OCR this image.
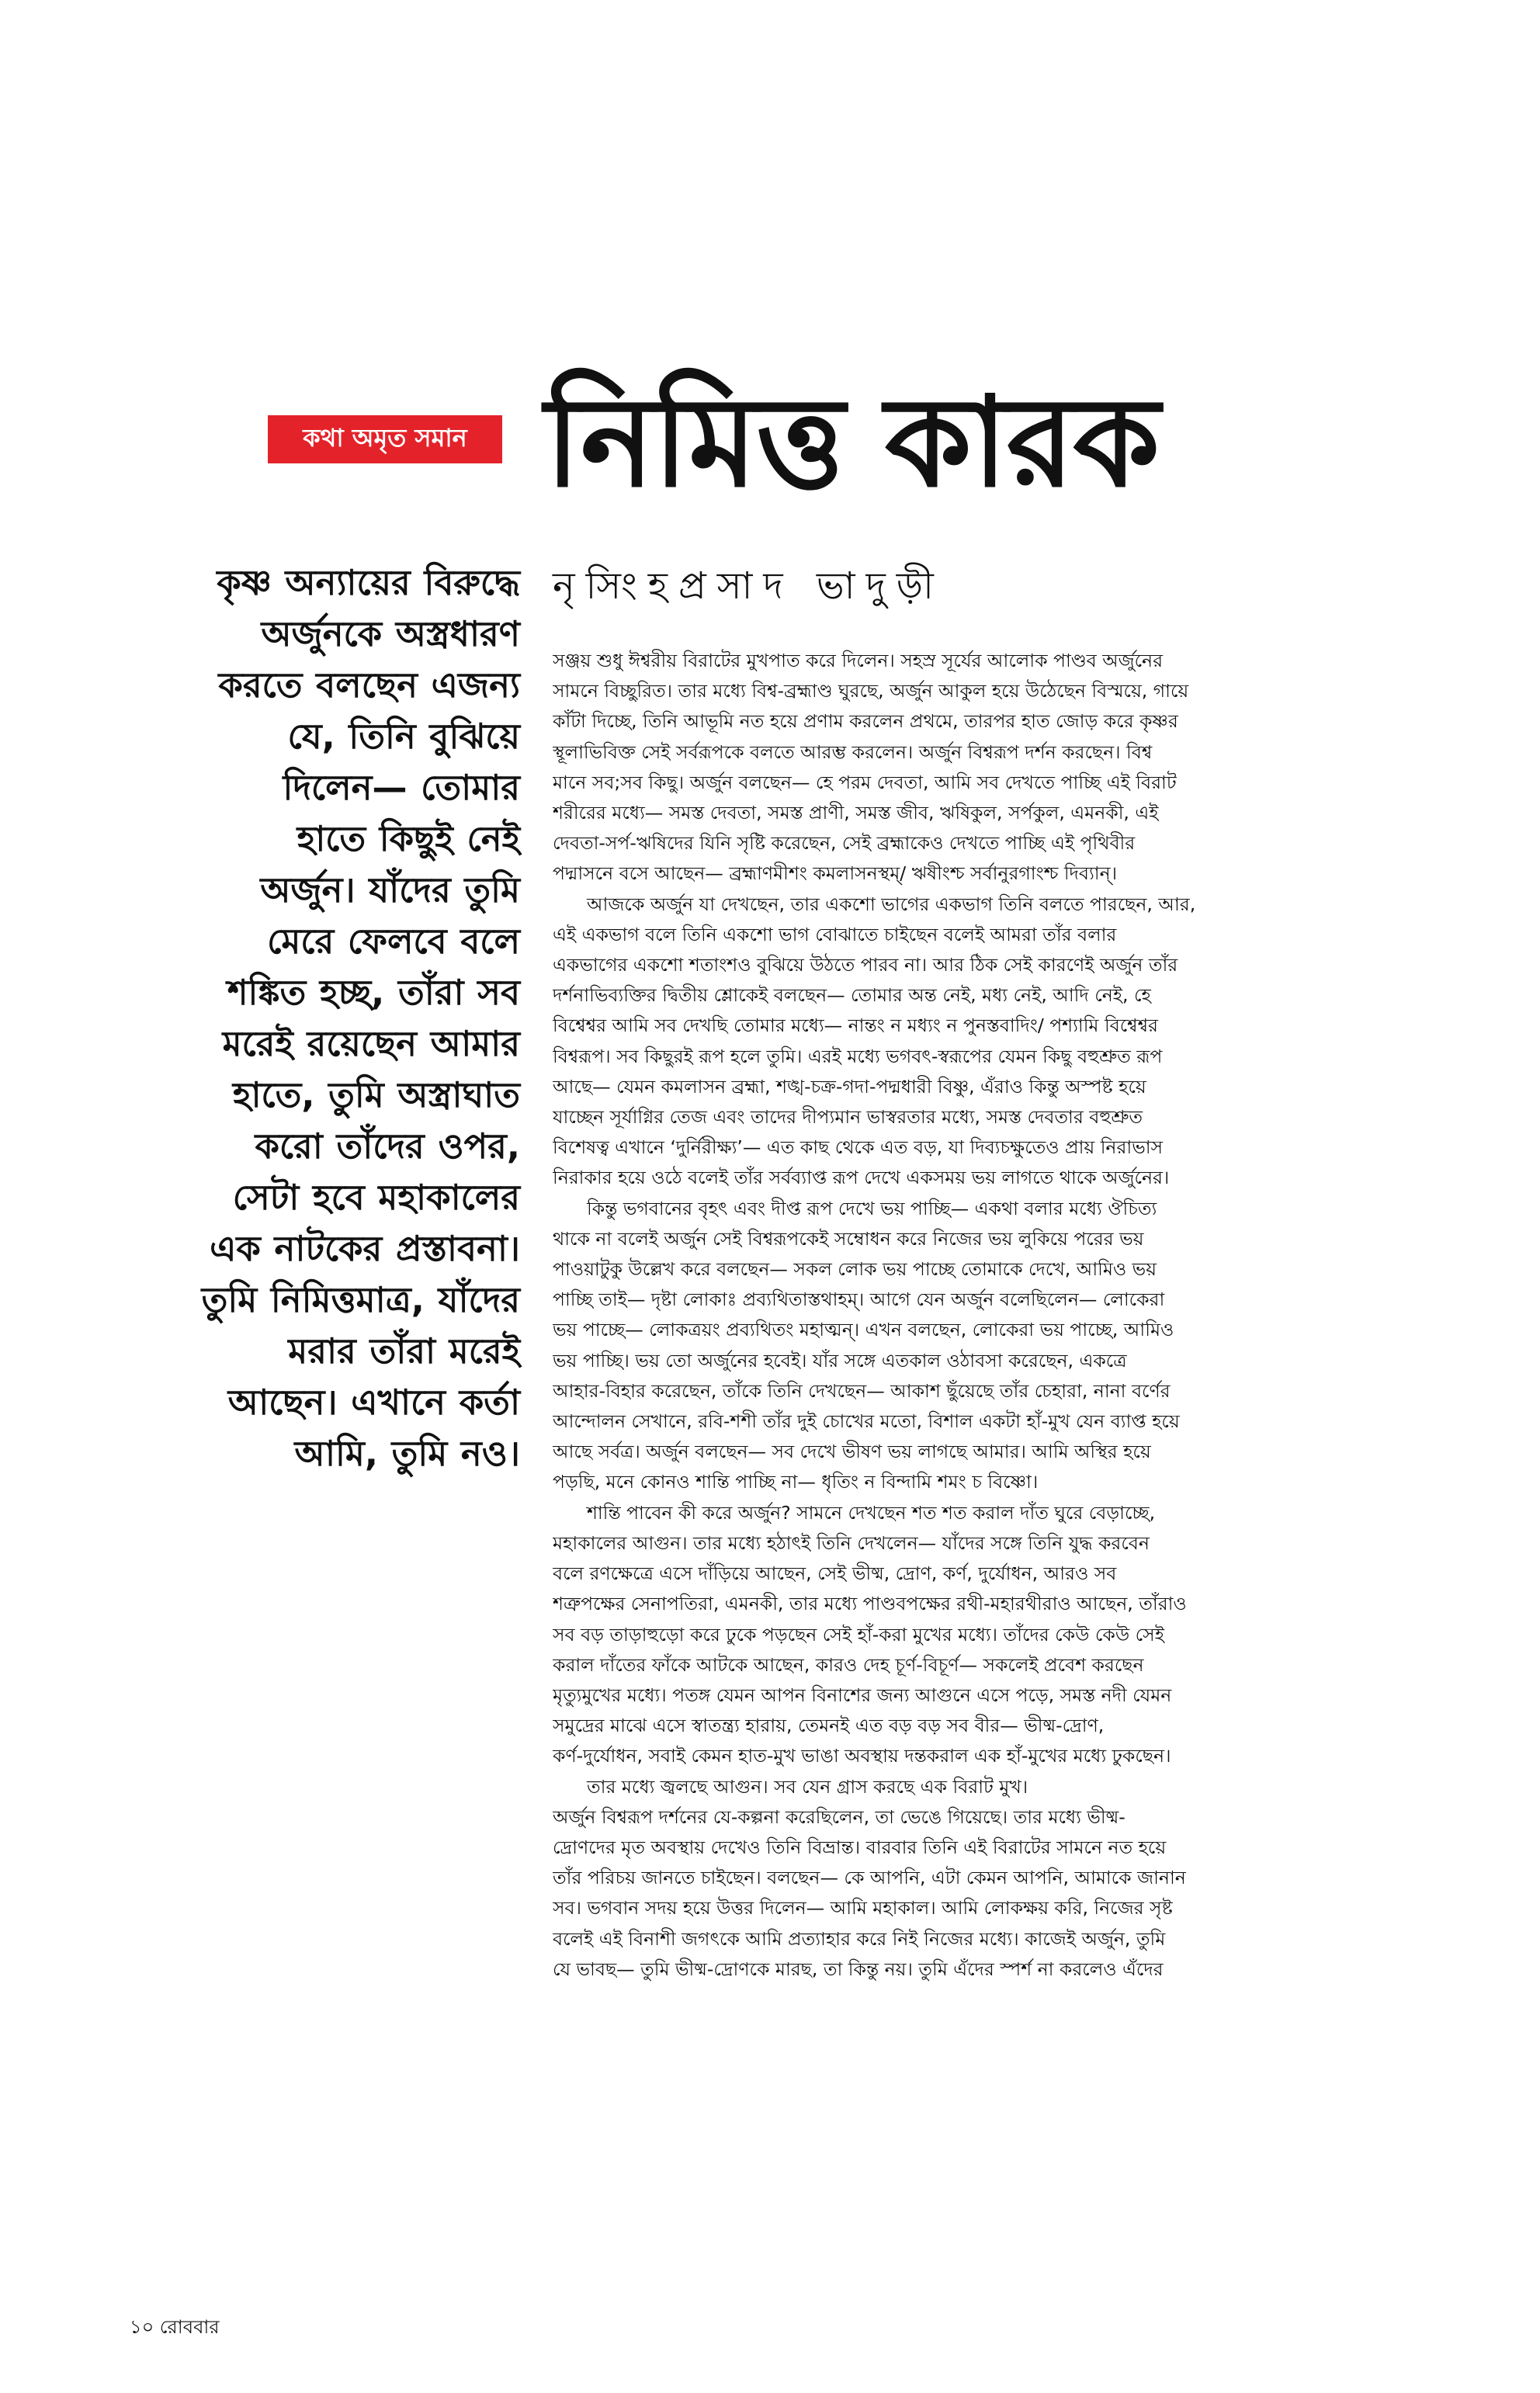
কথা অমৃত সমান নিমিত্ত কারক
নৃসিংহপ্রসাদ ভাদুড়ী
কৃষ্ণ অন্যায়ের বিরুদ্ধে
অর্জুনকে অস্ত্রধারণ
করতে বলছেন এজন্য
যে, তিনি বুঝিয়ে
দিলেন— তোমার
হাতে কিছুই নেই
অর্জুন। যাঁদের তুমি
মেরে ফেলবে বলে
শঙ্কিত হচ্ছ, তাঁরা সব
মরেই রয়েছেন আমার
হাতে, তুমি অস্ত্রাঘাত
করো তাঁদের ওপর,
সেটা হবে মহাকালের
এক নাটকের প্রস্তাবনা।
তুমি নিমিত্তমাত্র, যাঁদের
মরার তাঁরা মরেই
আছেন। এখানে কর্তা
আমি, তুমি নও।
সঞ্জয় শুধু ঈশ্বরীয় বিরাটের মুখপাত করে দিলেন। সহস্র সূর্যের আলোক পাণ্ডব অর্জুনের
সামনে বিচ্ছুরিত। তার মধ্যে বিশ্ব-ব্রহ্মাণ্ড ঘুরছে, অর্জুন আকুল হয়ে উঠেছেন বিস্ময়ে, গায়ে
কাঁটা দিচ্ছে, তিনি আভূমি নত হয়ে প্রণাম করলেন প্রথমে, তারপর হাত জোড় করে কৃষ্ণর
স্থূলাভিবিক্ত সেই সর্বরূপকে বলতে আরম্ভ করলেন। অর্জুন বিশ্বরূপ দর্শন করছেন। বিশ্ব
মানে সব;সব কিছু। অর্জুন বলছেন— হে পরম দেবতা, আমি সব দেখতে পাচ্ছি এই বিরাট
শরীরের মধ্যে— সমস্ত দেবতা, সমস্ত প্রাণী, সমস্ত জীব, ঋষিকুল, সর্পকুল, এমনকী, এই
দেবতা-সর্প-ঋষিদের যিনি সৃষ্টি করেছেন, সেই ব্রহ্মাকেও দেখতে পাচ্ছি এই পৃথিবীর
পদ্মাসনে বসে আছেন— ব্রহ্মাণমীশং কমলাসনস্থম্/ ঋষীংশ্চ সর্বানুরগাংশ্চ দিব্যান্।
আজকে অর্জুন যা দেখছেন, তার একশো ভাগের একভাগ তিনি বলতে পারছেন, আর,
এই একভাগ বলে তিনি একশো ভাগ বোঝাতে চাইছেন বলেই আমরা তাঁর বলার
একভাগের একশো শতাংশও বুঝিয়ে উঠতে পারব না। আর ঠিক সেই কারণেই অর্জুন তাঁর
দর্শনাভিব্যক্তির দ্বিতীয় শ্লোকেই বলছেন— তোমার অন্ত নেই, মধ্য নেই, আদি নেই, হে
বিশ্বেশ্বর আমি সব দেখছি তোমার মধ্যে— নান্তং ন মধ্যং ন পুনস্তবাদিং/ পশ্যামি বিশ্বেশ্বর
বিশ্বরূপ। সব কিছুরই রূপ হলে তুমি। এরই মধ্যে ভগবৎ-স্বরূপের যেমন কিছু বহুশ্রুত রূপ
আছে— যেমন কমলাসন ব্রহ্মা, শঙ্খ-চক্র-গদা-পদ্মধারী বিষ্ণু, এঁরাও কিন্তু অস্পষ্ট হয়ে
যাচ্ছেন সূর্যাগ্নির তেজ এবং তাদের দীপ্যমান ভাস্বরতার মধ্যে, সমস্ত দেবতার বহুশ্রুত
বিশেষত্ব এখানে ‘দুর্নিরীক্ষ্য’— এত কাছ থেকে এত বড়, যা দিব্যচক্ষুতেও প্রায় নিরাভাস
নিরাকার হয়ে ওঠে বলেই তাঁর সর্বব্যাপ্ত রূপ দেখে একসময় ভয় লাগতে থাকে অর্জুনের।
কিন্তু ভগবানের বৃহৎ এবং দীপ্ত রূপ দেখে ভয় পাচ্ছি— একথা বলার মধ্যে ঔচিত্য
থাকে না বলেই অর্জুন সেই বিশ্বরূপকেই সম্বোধন করে নিজের ভয় লুকিয়ে পরের ভয়
পাওয়াটুকু উল্লেখ করে বলছেন— সকল লোক ভয় পাচ্ছে তোমাকে দেখে, আমিও ভয়
পাচ্ছি তাই— দৃষ্টা লোকাঃ প্রব্যথিতাস্তথাহম্। আগে যেন অর্জুন বলেছিলেন— লোকেরা
ভয় পাচ্ছে— লোকত্রয়ং প্রব্যথিতং মহাত্মন্। এখন বলছেন, লোকেরা ভয় পাচ্ছে, আমিও
ভয় পাচ্ছি। ভয় তো অর্জুনের হবেই। যাঁর সঙ্গে এতকাল ওঠাবসা করেছেন, একত্রে
আহার-বিহার করেছেন, তাঁকে তিনি দেখছেন— আকাশ ছুঁয়েছে তাঁর চেহারা, নানা বর্ণের
আন্দোলন সেখানে, রবি-শশী তাঁর দুই চোখের মতো, বিশাল একটা হাঁ-মুখ যেন ব্যাপ্ত হয়ে
আছে সর্বত্র। অর্জুন বলছেন— সব দেখে ভীষণ ভয় লাগছে আমার। আমি অস্থির হয়ে
পড়ছি, মনে কোনও শান্তি পাচ্ছি না— ধৃতিং ন বিন্দামি শমং চ বিষ্ণো।
শান্তি পাবেন কী করে অর্জুন? সামনে দেখছেন শত শত করাল দাঁত ঘুরে বেড়াচ্ছে,
মহাকালের আগুন। তার মধ্যে হঠাৎই তিনি দেখলেন— যাঁদের সঙ্গে তিনি যুদ্ধ করবেন
বলে রণক্ষেত্রে এসে দাঁড়িয়ে আছেন, সেই ভীষ্ম, দ্রোণ, কর্ণ, দুর্যোধন, আরও সব
শত্রুপক্ষের সেনাপতিরা, এমনকী, তার মধ্যে পাণ্ডবপক্ষের রথী-মহারথীরাও আছেন, তাঁরাও
সব বড় তাড়াহুড়ো করে ঢুকে পড়ছেন সেই হাঁ-করা মুখের মধ্যে। তাঁদের কেউ কেউ সেই
করাল দাঁতের ফাঁকে আটকে আছেন, কারও দেহ চূর্ণ-বিচূর্ণ— সকলেই প্রবেশ করছেন
মৃত্যুমুখের মধ্যে। পতঙ্গ যেমন আপন বিনাশের জন্য আগুনে এসে পড়ে, সমস্ত নদী যেমন
সমুদ্রের মাঝে এসে স্বাতন্ত্র্য হারায়, তেমনই এত বড় বড় সব বীর— ভীষ্ম-দ্রোণ,
কর্ণ-দুর্যোধন, সবাই কেমন হাত-মুখ ভাঙা অবস্থায় দন্তকরাল এক হাঁ-মুখের মধ্যে ঢুকছেন।
তার মধ্যে জ্বলছে আগুন। সব যেন গ্রাস করছে এক বিরাট মুখ।
অর্জুন বিশ্বরূপ দর্শনের যে-কল্পনা করেছিলেন, তা ভেঙে গিয়েছে। তার মধ্যে ভীষ্ম-
দ্রোণদের মৃত অবস্থায় দেখেও তিনি বিভ্রান্ত। বারবার তিনি এই বিরাটের সামনে নত হয়ে
তাঁর পরিচয় জানতে চাইছেন। বলছেন— কে আপনি, এটা কেমন আপনি, আমাকে জানান
সব। ভগবান সদয় হয়ে উত্তর দিলেন— আমি মহাকাল। আমি লোকক্ষয় করি, নিজের সৃষ্ট
বলেই এই বিনাশী জগৎকে আমি প্রত্যাহার করে নিই নিজের মধ্যে। কাজেই অর্জুন, তুমি
যে ভাবছ— তুমি ভীষ্ম-দ্রোণকে মারছ, তা কিন্তু নয়। তুমি এঁদের স্পর্শ না করলেও এঁদের
১০ রোববার
